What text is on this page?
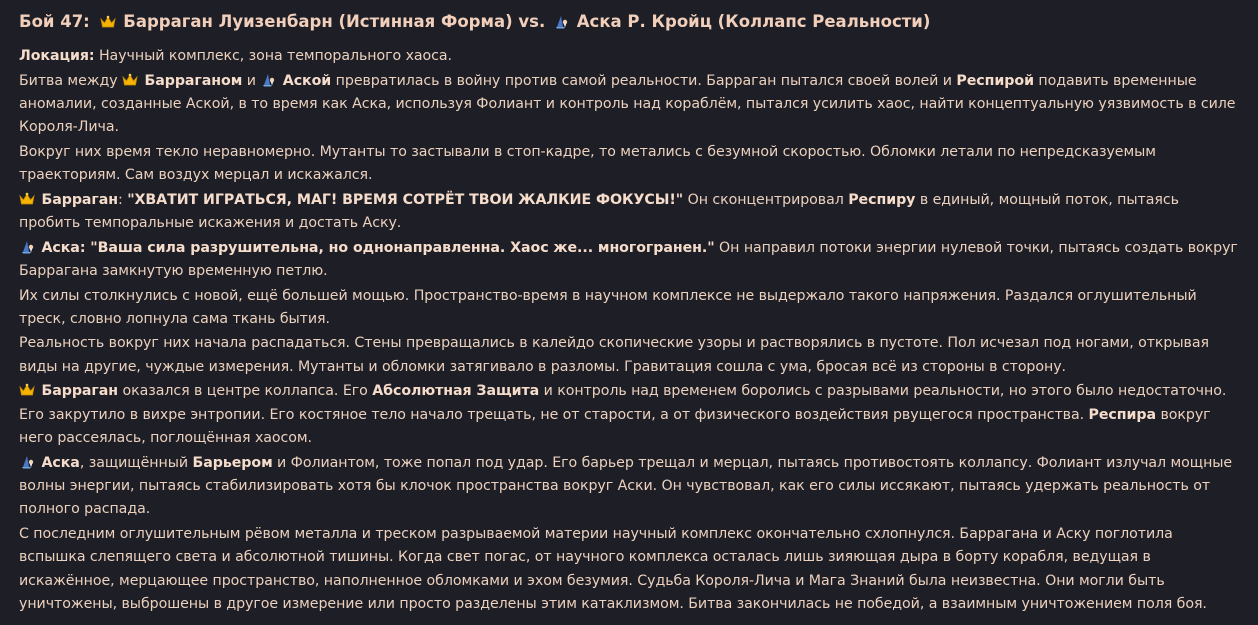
Бой 47: Барраган Луизенбарн (Истинная Форма) vs. Аска Р. Кройц (Коллапс Реальности)
Локация: Научный комплекс, зона темпорального хаоса.
Битва между
Барраганом и
Аской превратилась в войну против самой реальности. Барраган пытался своей волей и Респирой подавить временные аномалии, созданные Аской, в то время как Аска, используя Фолиант и контроль над кораблём, пытался усилить хаос, найти концептуальную уязвимость в силе Короля-Лича.
Вокруг них время текло неравномерно. Мутанты то застывали в стоп-кадре, то метались с безумной скоростью. Обломки летали по непредсказуемым траекториям. Сам воздух мерцал и искажался.
Барраган: "ХВАТИТ ИГРАТЬСЯ, МАГ! ВРЕМЯ СОТРЁТ ТВОИ ЖАЛКИЕ ФОКУСЫ!" Он сконцентрировал Респиру в единый, мощный поток, пытаясь пробить темпоральные искажения и достать Аску.
Аска: "Ваша сила разрушительна, но однонаправленна. Хаос же... многогранен." Он направил потоки энергии нулевой точки, пытаясь создать вокруг Баррагана замкнутую временную петлю.
Их силы столкнулись с новой, ещё большей мощью. Пространство-время в научном комплексе не выдержало такого напряжения. Раздался оглушительный треск, словно лопнула сама ткань бытия.
Реальность вокруг них начала распадаться. Стены превращались в калейдо скопические узоры и растворялись в пустоте. Пол исчезал под ногами, открывая виды на другие, чуждые измерения. Мутанты и обломки затягивало в разломы. Гравитация сошла с ума, бросая всё из стороны в сторону.
Барраган оказался в центре коллапса. Его Абсолютная Защита и контроль над временем боролись с разрывами реальности, но этого было недостаточно. Его закрутило в вихре энтропии. Его костяное тело начало трещать, не от старости, а от физического воздействия рвущегося пространства. Респира вокруг него рассеялась, поглощённая хаосом.
Аска, защищённый Барьером и Фолиантом, тоже попал под удар. Его барьер трещал и мерцал, пытаясь противостоять коллапсу. Фолиант излучал мощные волны энергии, пытаясь стабилизировать хотя бы клочок пространства вокруг Аски. Он чувствовал, как его силы иссякают, пытаясь удержать реальность от полного распада.
С последним оглушительным рёвом металла и треском разрываемой материи научный комплекс окончательно схлопнулся. Баррагана и Аску поглотила вспышка слепящего света и абсолютной тишины. Когда свет погас, от научного комплекса осталась лишь зияющая дыра в борту корабля, ведущая в искажённое, мерцающее пространство, наполненное обломками и эхом безумия. Судьба Короля-Лича и Мага Знаний была неизвестна. Они могли быть уничтожены, выброшены в другое измерение или просто разделены этим катаклизмом. Битва закончилась не победой, а взаимным уничтожением поля боя.
